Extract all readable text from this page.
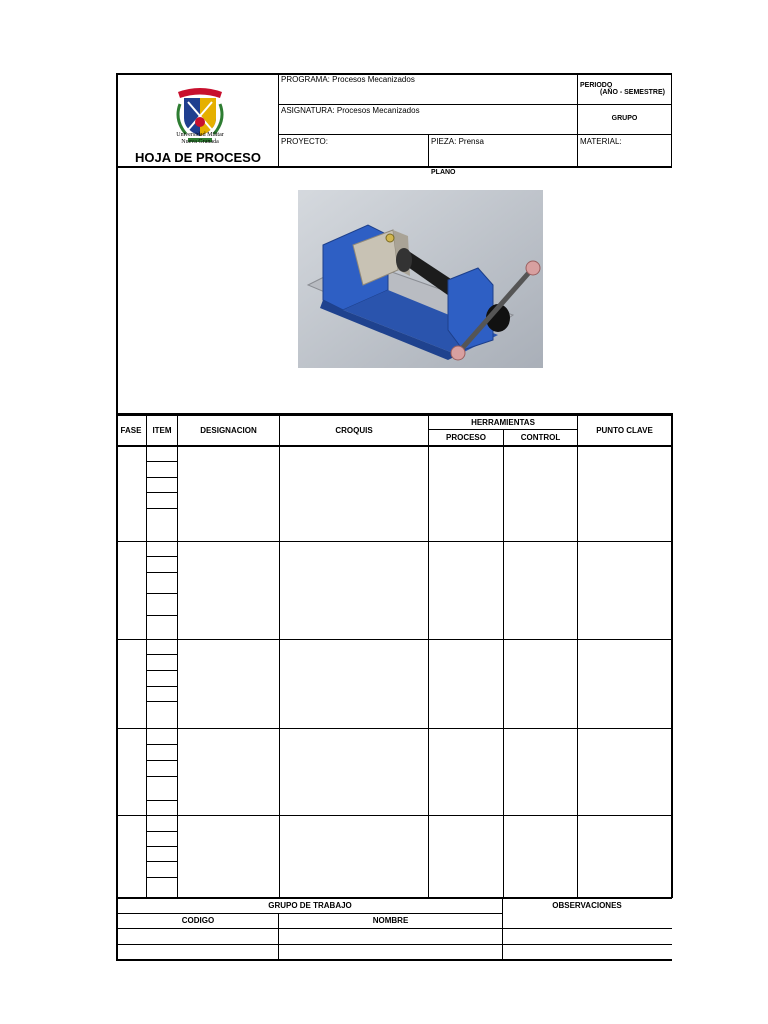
Universidad Militar
Nueva Granada
HOJA DE PROCESO
PROGRAMA: Procesos Mecanizados
ASIGNATURA: Procesos Mecanizados
PROYECTO:	PIEZA: Prensa	MATERIAL:
PERIODO
(AÑO - SEMESTRE)
GRUPO
PLANO
FASE	ITEM	DESIGNACION	CROQUIS
HERRAMIENTAS
PROCESO	CONTROL
PUNTO CLAVE
GRUPO DE TRABAJO	OBSERVACIONES
CODIGO	NOMBRE
